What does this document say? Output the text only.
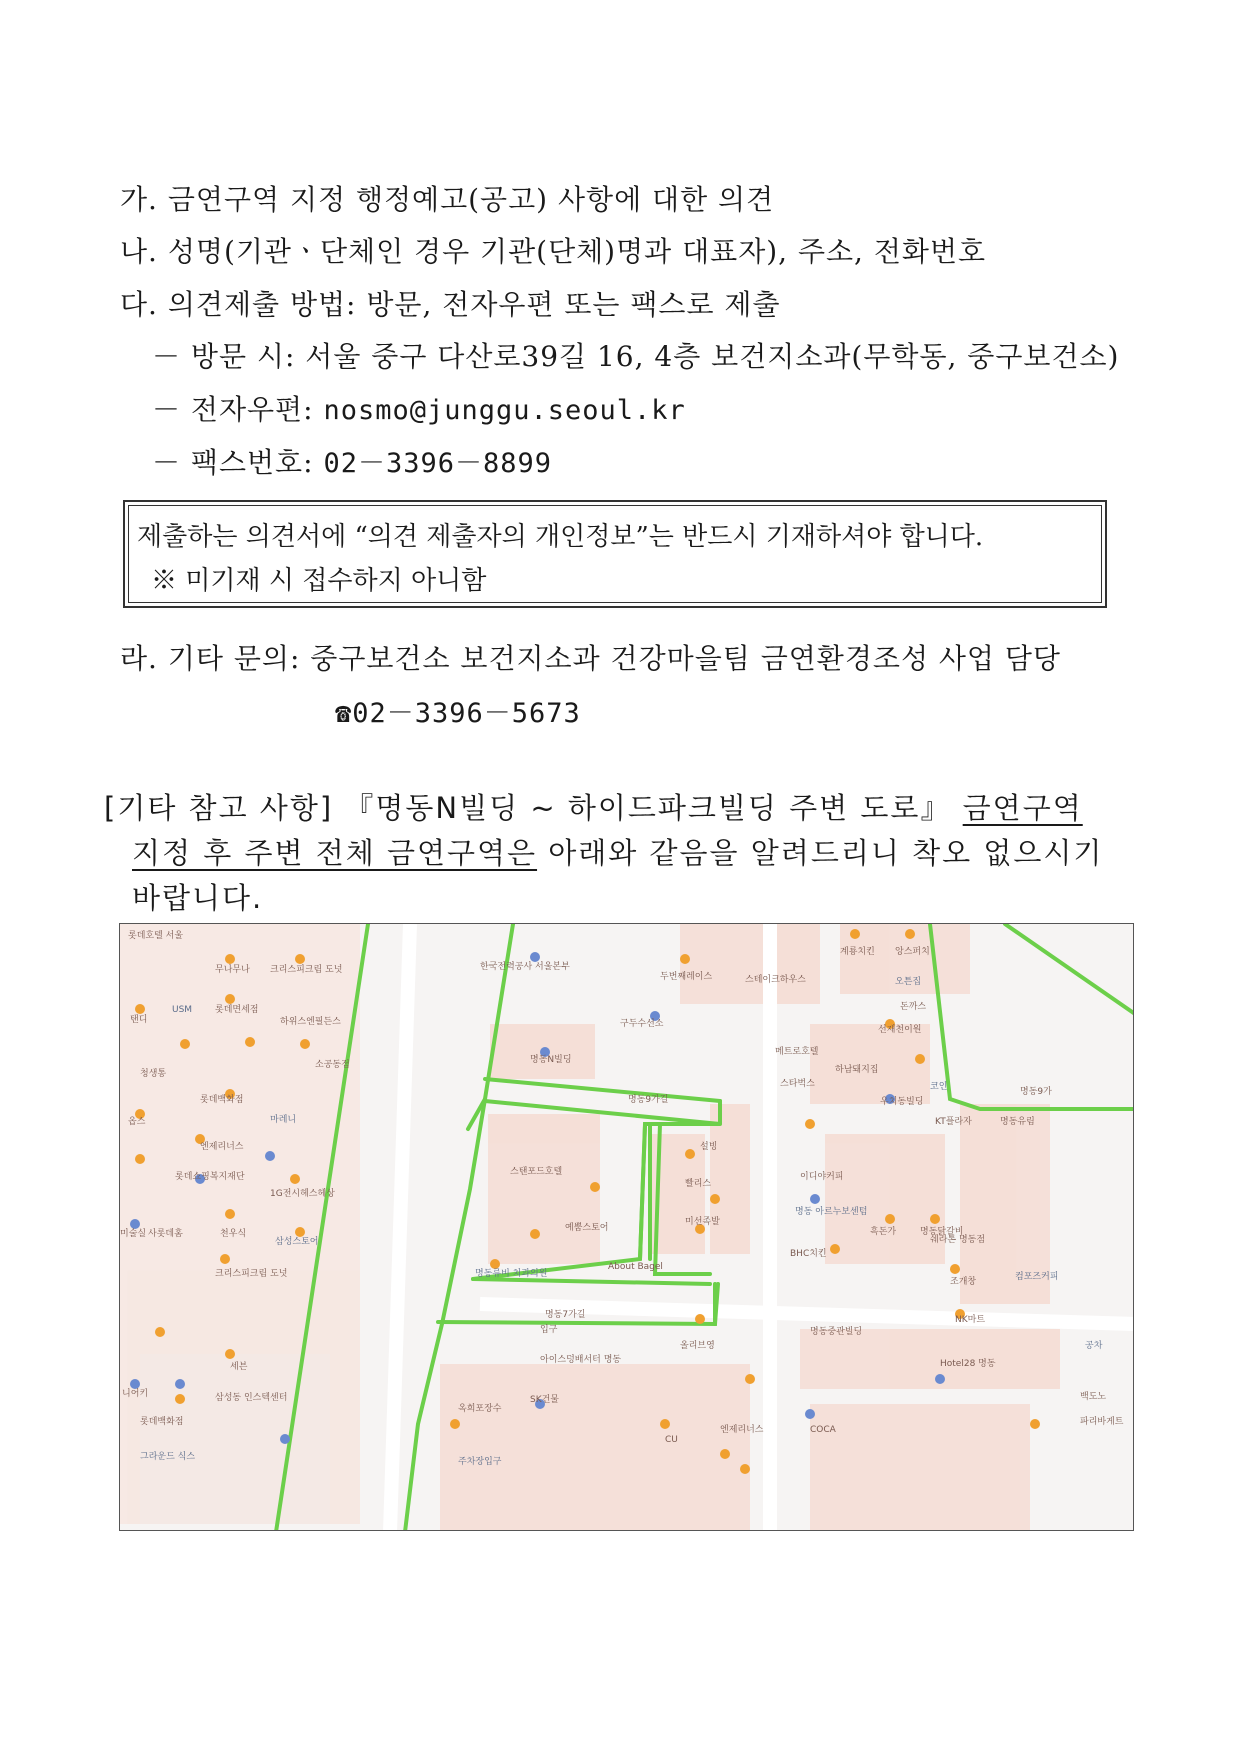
가. 금연구역 지정 행정예고(공고) 사항에 대한 의견
나. 성명(기관ㆍ단체인 경우 기관(단체)명과 대표자), 주소, 전화번호
다. 의견제출 방법: 방문, 전자우편 또는 팩스로 제출
－ 방문 시: 서울 중구 다산로39길 16, 4층 보건지소과(무학동, 중구보건소)
－ 전자우편: nosmo@junggu.seoul.kr
－ 팩스번호: 02－3396－8899
제출하는 의견서에 “의견 제출자의 개인정보”는 반드시 기재하셔야 합니다.
※ 미기재 시 접수하지 아니함
라. 기타 문의: 중구보건소 보건지소과 건강마을팀 금연환경조성 사업 담당
☎02－3396－5673
[기타 참고 사항] 『명동N빌딩 ~ 하이드파크빌딩 주변 도로』 금연구역
지정 후 주변 전체 금연구역은 아래와 같음을 알려드리니 착오 없으시기
바랍니다.
롯데호텔 서울
무나무나 크리스피크림 도넛
USM	롯데면세점
탠디	하위스엔필든스
소공동점
청생통
롯데백화점
마레니
옵스
엔제리너스
롯데쇼핑복지재단
미술실 사롯데홈	천우식
삼성스토어
크리스피크림 도넛
1G전시헤스헤상
세븐
니어키	삼성동 인스텍센터
롯데백화점
그라운드 식스
한국전력공사 서울본부
구두수선소
명동N빌딩
명동9가길
스탠포드호텔
예뿜스토어
명동류비 치과의원
About Bagel
명동7가길
입구
아이스덩배서터 명동
SK건물
옥희포장수
주차장입구
올리브영
CU
두번째레이스	스테이크하우스
계룡치킨 앙스퍼치
오튼집
돈까스
선재천이원
메트로호텔
하남돼지집
스타벅스
우치동빌딩
코인
KT플라자	명동유림
명동9가
설빙
빨리스
이디야커피
명동 아르누보센텀
미선족발
흑돈가
쉐라톤 명동점
명동닭갈비
BHC치킨
조개창	컴포즈커피
명동중관빌딩
NK마트
Hotel28 명동
엔제리너스	COCA
파리바게트
공차
백도노
